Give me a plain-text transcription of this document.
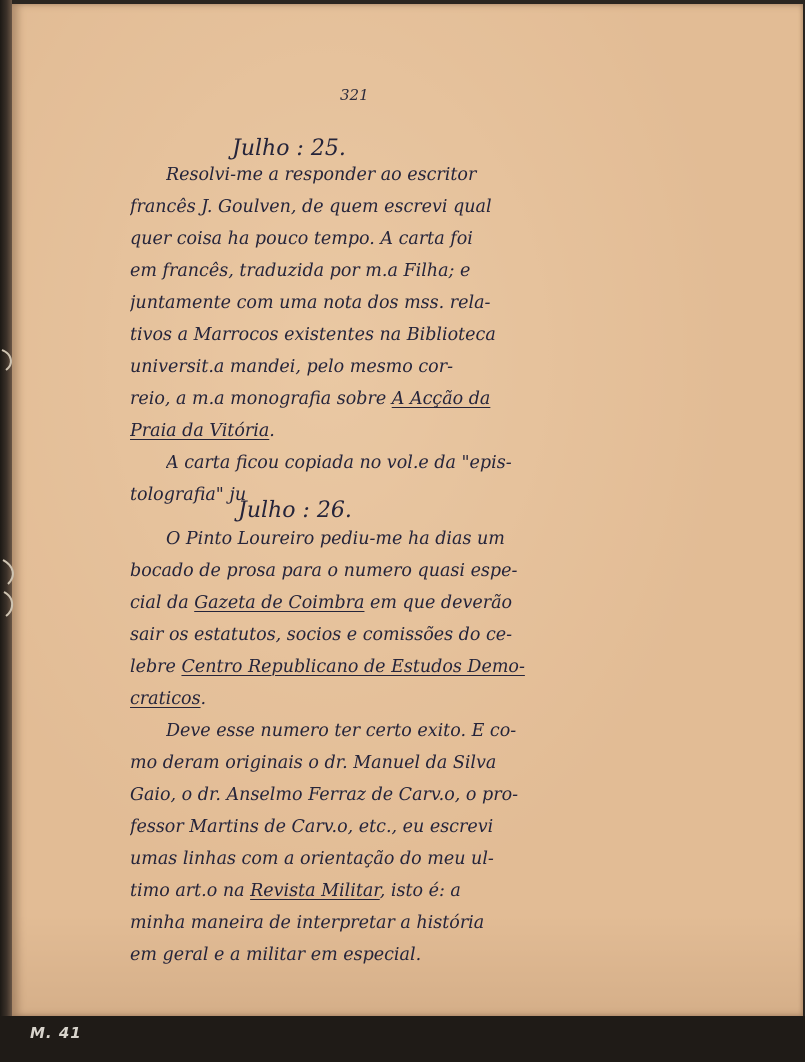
321
Julho : 25.
Resolvi-me a responder ao escritor
francês J. Goulven, de quem escrevi qual
quer coisa ha pouco tempo. A carta foi
em francês, traduzida por m.a Filha; e
juntamente com uma nota dos mss. rela-
tivos a Marrocos existentes na Biblioteca
universit.a mandei, pelo mesmo cor-
reio, a m.a monografia sobre A Acção da
Praia da Vitória.
A carta ficou copiada no vol.e da "epis-
tolografia" ju
Julho : 26.
O Pinto Loureiro pediu-me ha dias um
bocado de prosa para o numero quasi espe-
cial da Gazeta de Coimbra em que deverão
sair os estatutos, socios e comissões do ce-
lebre Centro Republicano de Estudos Demo-
craticos.
Deve esse numero ter certo exito. E co-
mo deram originais o dr. Manuel da Silva
Gaio, o dr. Anselmo Ferraz de Carv.o, o pro-
fessor Martins de Carv.o, etc., eu escrevi
umas linhas com a orientação do meu ul-
timo art.o na Revista Militar, isto é: a
minha maneira de interpretar a história
em geral e a militar em especial.
M. 41
